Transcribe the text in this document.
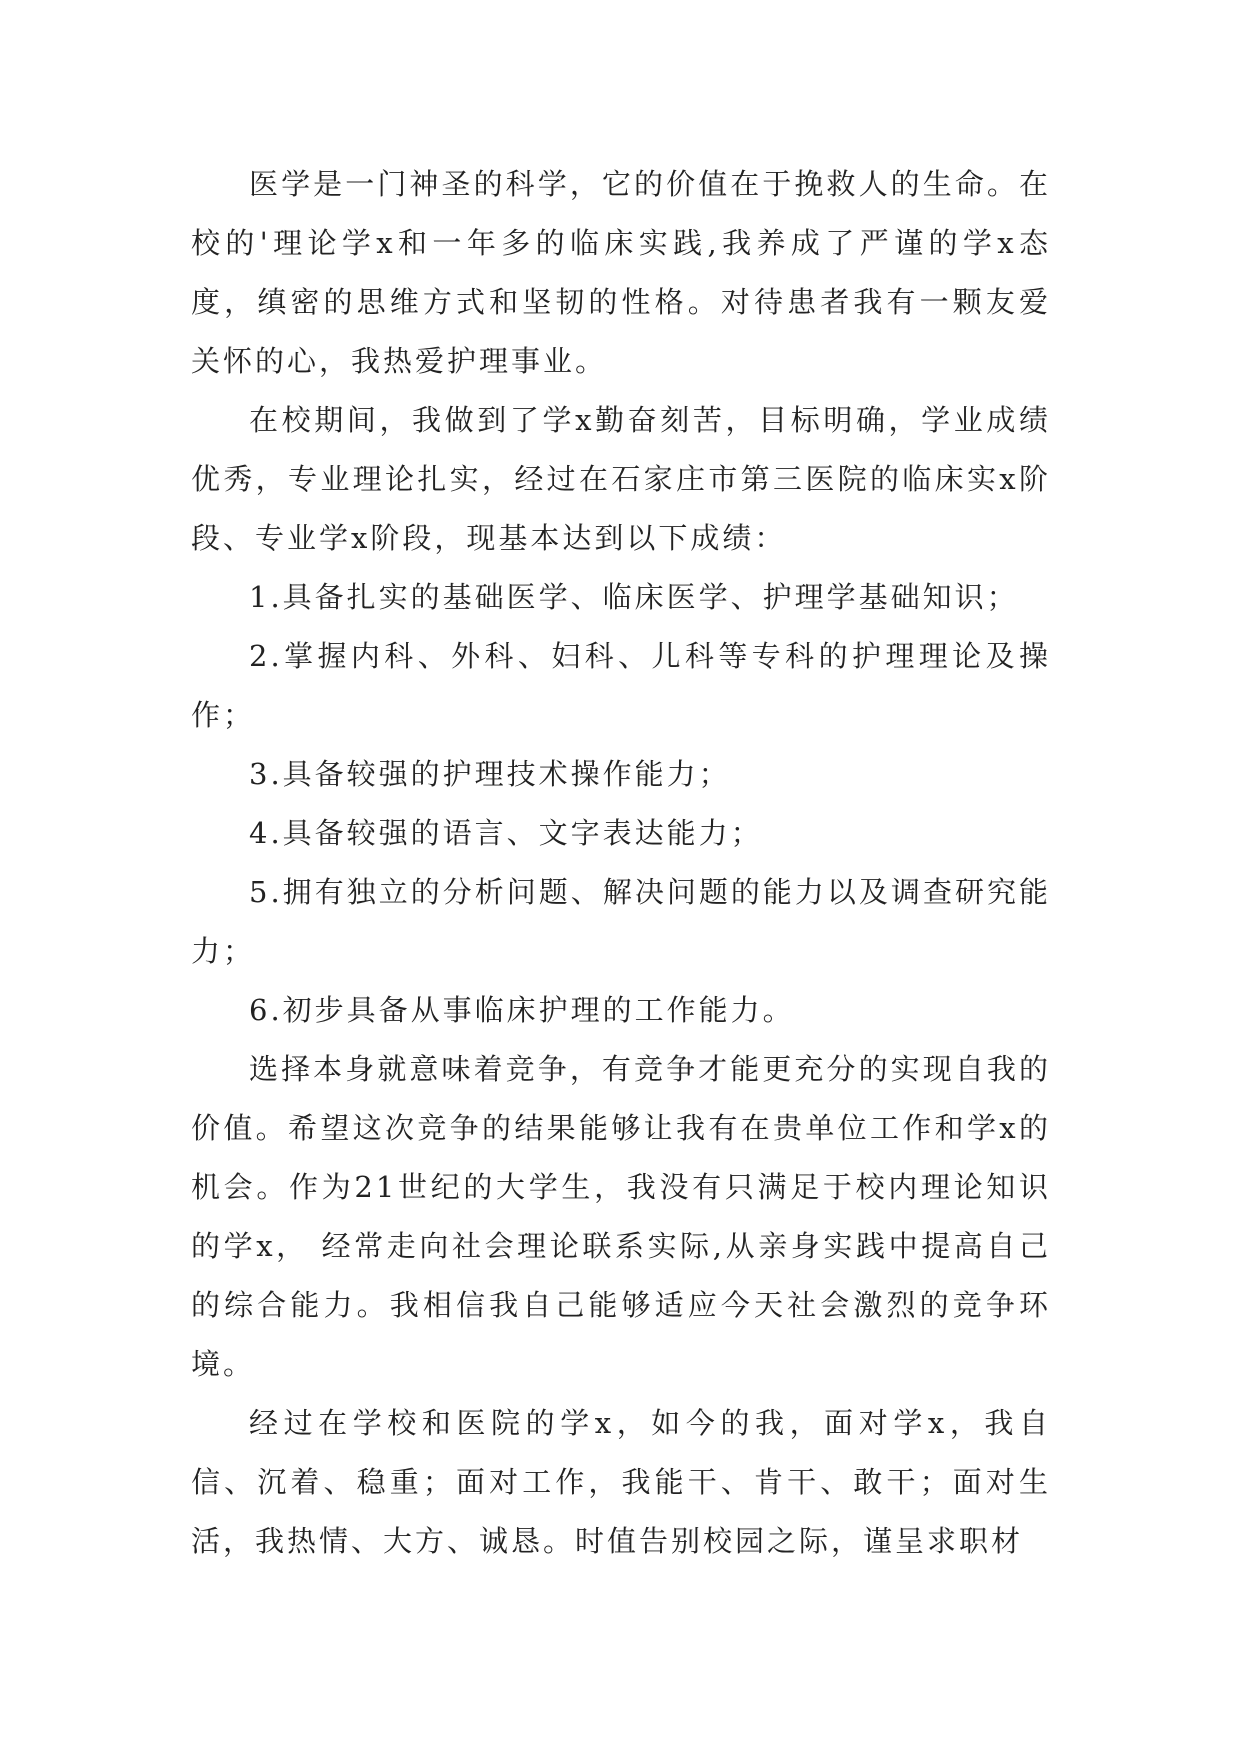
医学是一门神圣的科学，它的价值在于挽救人的生命。在校的'理论学x和一年多的临床实践,我养成了严谨的学x态度，缜密的思维方式和坚韧的性格。对待患者我有一颗友爱关怀的心，我热爱护理事业。

在校期间，我做到了学x勤奋刻苦，目标明确，学业成绩优秀，专业理论扎实，经过在石家庄市第三医院的临床实x阶段、专业学x阶段，现基本达到以下成绩：

1.具备扎实的基础医学、临床医学、护理学基础知识；

2.掌握内科、外科、妇科、儿科等专科的护理理论及操作；

3.具备较强的护理技术操作能力；

4.具备较强的语言、文字表达能力；

5.拥有独立的分析问题、解决问题的能力以及调查研究能力；

6.初步具备从事临床护理的工作能力。

选择本身就意味着竞争，有竞争才能更充分的实现自我的价值。希望这次竞争的结果能够让我有在贵单位工作和学x的机会。作为21世纪的大学生，我没有只满足于校内理论知识的学x， 经常走向社会理论联系实际,从亲身实践中提高自己的综合能力。我相信我自己能够适应今天社会激烈的竞争环境。

经过在学校和医院的学x，如今的我，面对学x，我自信、沉着、稳重；面对工作，我能干、肯干、敢干；面对生活，我热情、大方、诚恳。时值告别校园之际，谨呈求职材
